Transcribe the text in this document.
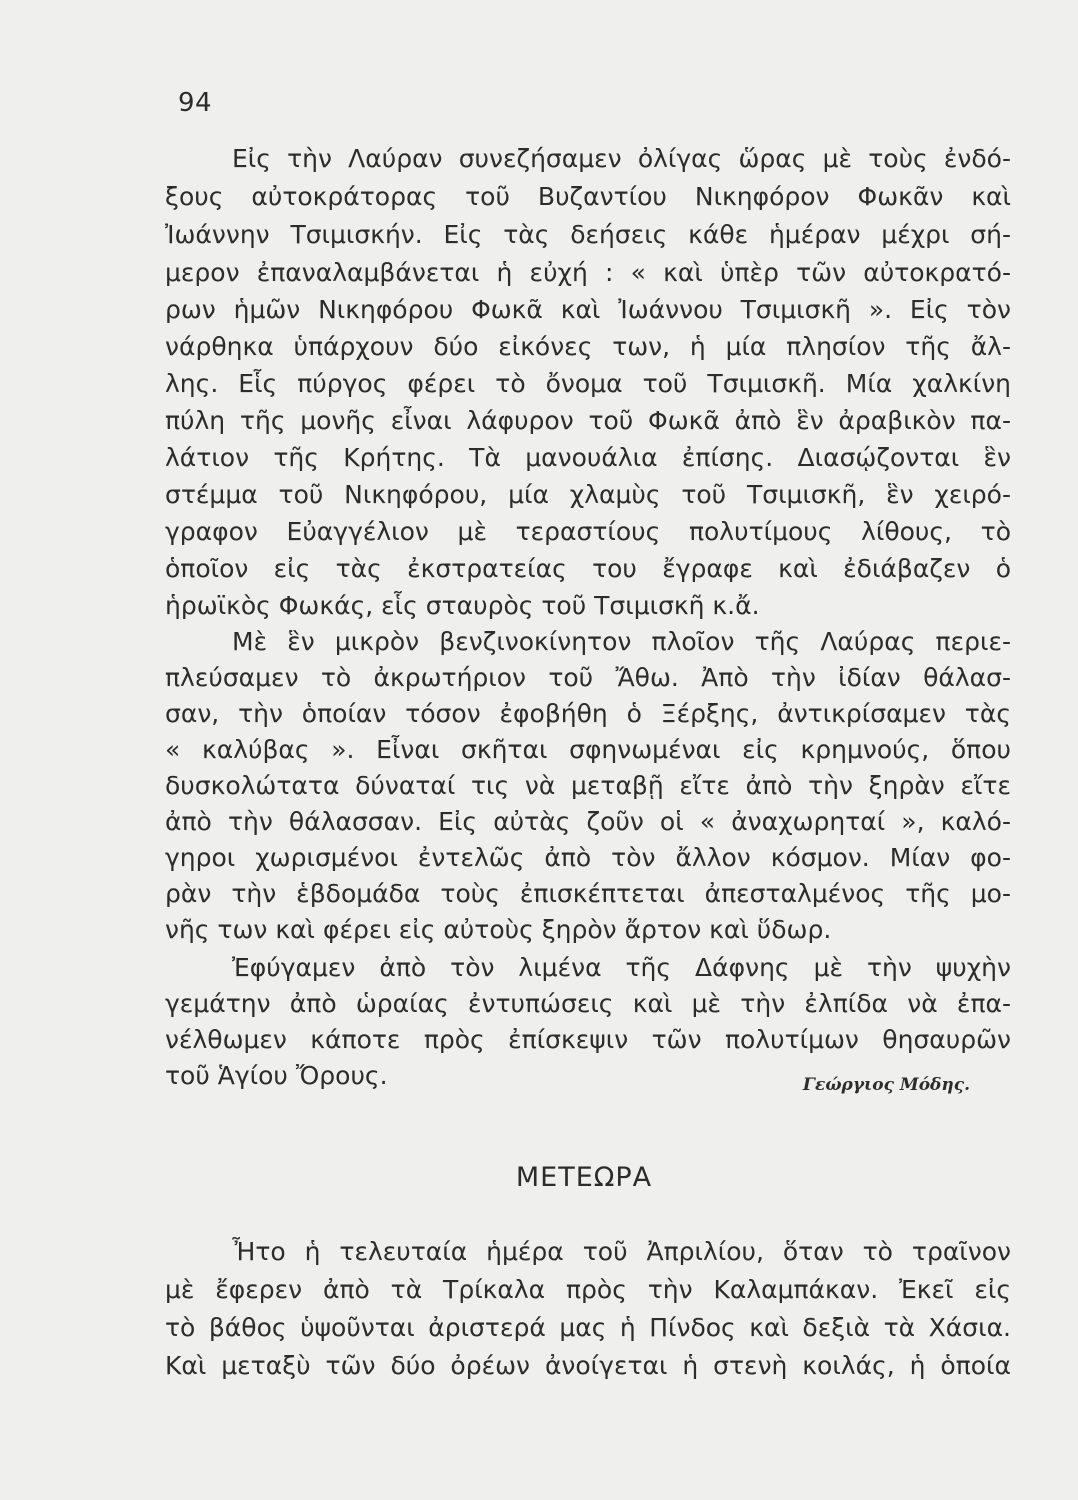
94
Εἰς τὴν Λαύραν συνεζήσαμεν ὀλίγας ὥρας μὲ τοὺς ἐνδό-
ξους αὐτοκράτορας τοῦ Βυζαντίου Νικηφόρον Φωκᾶν καὶ
Ἰωάννην Τσιμισκήν. Εἰς τὰς δεήσεις κάθε ἡμέραν μέχρι σή-
μερον ἐπαναλαμβάνεται ἡ εὐχή : « καὶ ὑπὲρ τῶν αὐτοκρατό-
ρων ἡμῶν Νικηφόρου Φωκᾶ καὶ Ἰωάννου Τσιμισκῆ ». Εἰς τὸν
νάρθηκα ὑπάρχουν δύο εἰκόνες των, ἡ μία πλησίον τῆς ἄλ-
λης. Εἷς πύργος φέρει τὸ ὄνομα τοῦ Τσιμισκῆ. Μία χαλκίνη
πύλη τῆς μονῆς εἶναι λάφυρον τοῦ Φωκᾶ ἀπὸ ἓν ἀραβικὸν πα-
λάτιον τῆς Κρήτης. Τὰ μανουάλια ἐπίσης. Διασῴζονται ἓν
στέμμα τοῦ Νικηφόρου, μία χλαμὺς τοῦ Τσιμισκῆ, ἓν χειρό-
γραφον Εὐαγγέλιον μὲ τεραστίους πολυτίμους λίθους, τὸ
ὁποῖον εἰς τὰς ἐκστρατείας του ἔγραφε καὶ ἐδιάβαζεν ὁ
ἡρωϊκὸς Φωκάς, εἷς σταυρὸς τοῦ Τσιμισκῆ κ.ἄ.
Μὲ ἓν μικρὸν βενζινοκίνητον πλοῖον τῆς Λαύρας περιε-
πλεύσαμεν τὸ ἀκρωτήριον τοῦ Ἄθω. Ἀπὸ τὴν ἰδίαν θάλασ-
σαν, τὴν ὁποίαν τόσον ἐφοβήθη ὁ Ξέρξης, ἀντικρίσαμεν τὰς
« καλύβας ». Εἶναι σκῆται σφηνωμέναι εἰς κρημνούς, ὅπου
δυσκολώτατα δύναταί τις νὰ μεταβῇ εἴτε ἀπὸ τὴν ξηρὰν εἴτε
ἀπὸ τὴν θάλασσαν. Εἰς αὐτὰς ζοῦν οἱ « ἀναχωρηταί », καλό-
γηροι χωρισμένοι ἐντελῶς ἀπὸ τὸν ἄλλον κόσμον. Μίαν φο-
ρὰν τὴν ἑβδομάδα τοὺς ἐπισκέπτεται ἀπεσταλμένος τῆς μο-
νῆς των καὶ φέρει εἰς αὐτοὺς ξηρὸν ἄρτον καὶ ὕδωρ.
Ἐφύγαμεν ἀπὸ τὸν λιμένα τῆς Δάφνης μὲ τὴν ψυχὴν
γεμάτην ἀπὸ ὡραίας ἐντυπώσεις καὶ μὲ τὴν ἐλπίδα νὰ ἐπα-
νέλθωμεν κάποτε πρὸς ἐπίσκεψιν τῶν πολυτίμων θησαυρῶν
τοῦ Ἁγίου Ὄρους.	Γεώργιος Μόδης.
ΜΕΤΕΩΡΑ
Ἦτο ἡ τελευταία ἡμέρα τοῦ Ἀπριλίου, ὅταν τὸ τραῖνον
μὲ ἔφερεν ἀπὸ τὰ Τρίκαλα πρὸς τὴν Καλαμπάκαν. Ἐκεῖ εἰς
τὸ βάθος ὑψοῦνται ἀριστερά μας ἡ Πίνδος καὶ δεξιὰ τὰ Χάσια.
Καὶ μεταξὺ τῶν δύο ὀρέων ἀνοίγεται ἡ στενὴ κοιλάς, ἡ ὁποία
